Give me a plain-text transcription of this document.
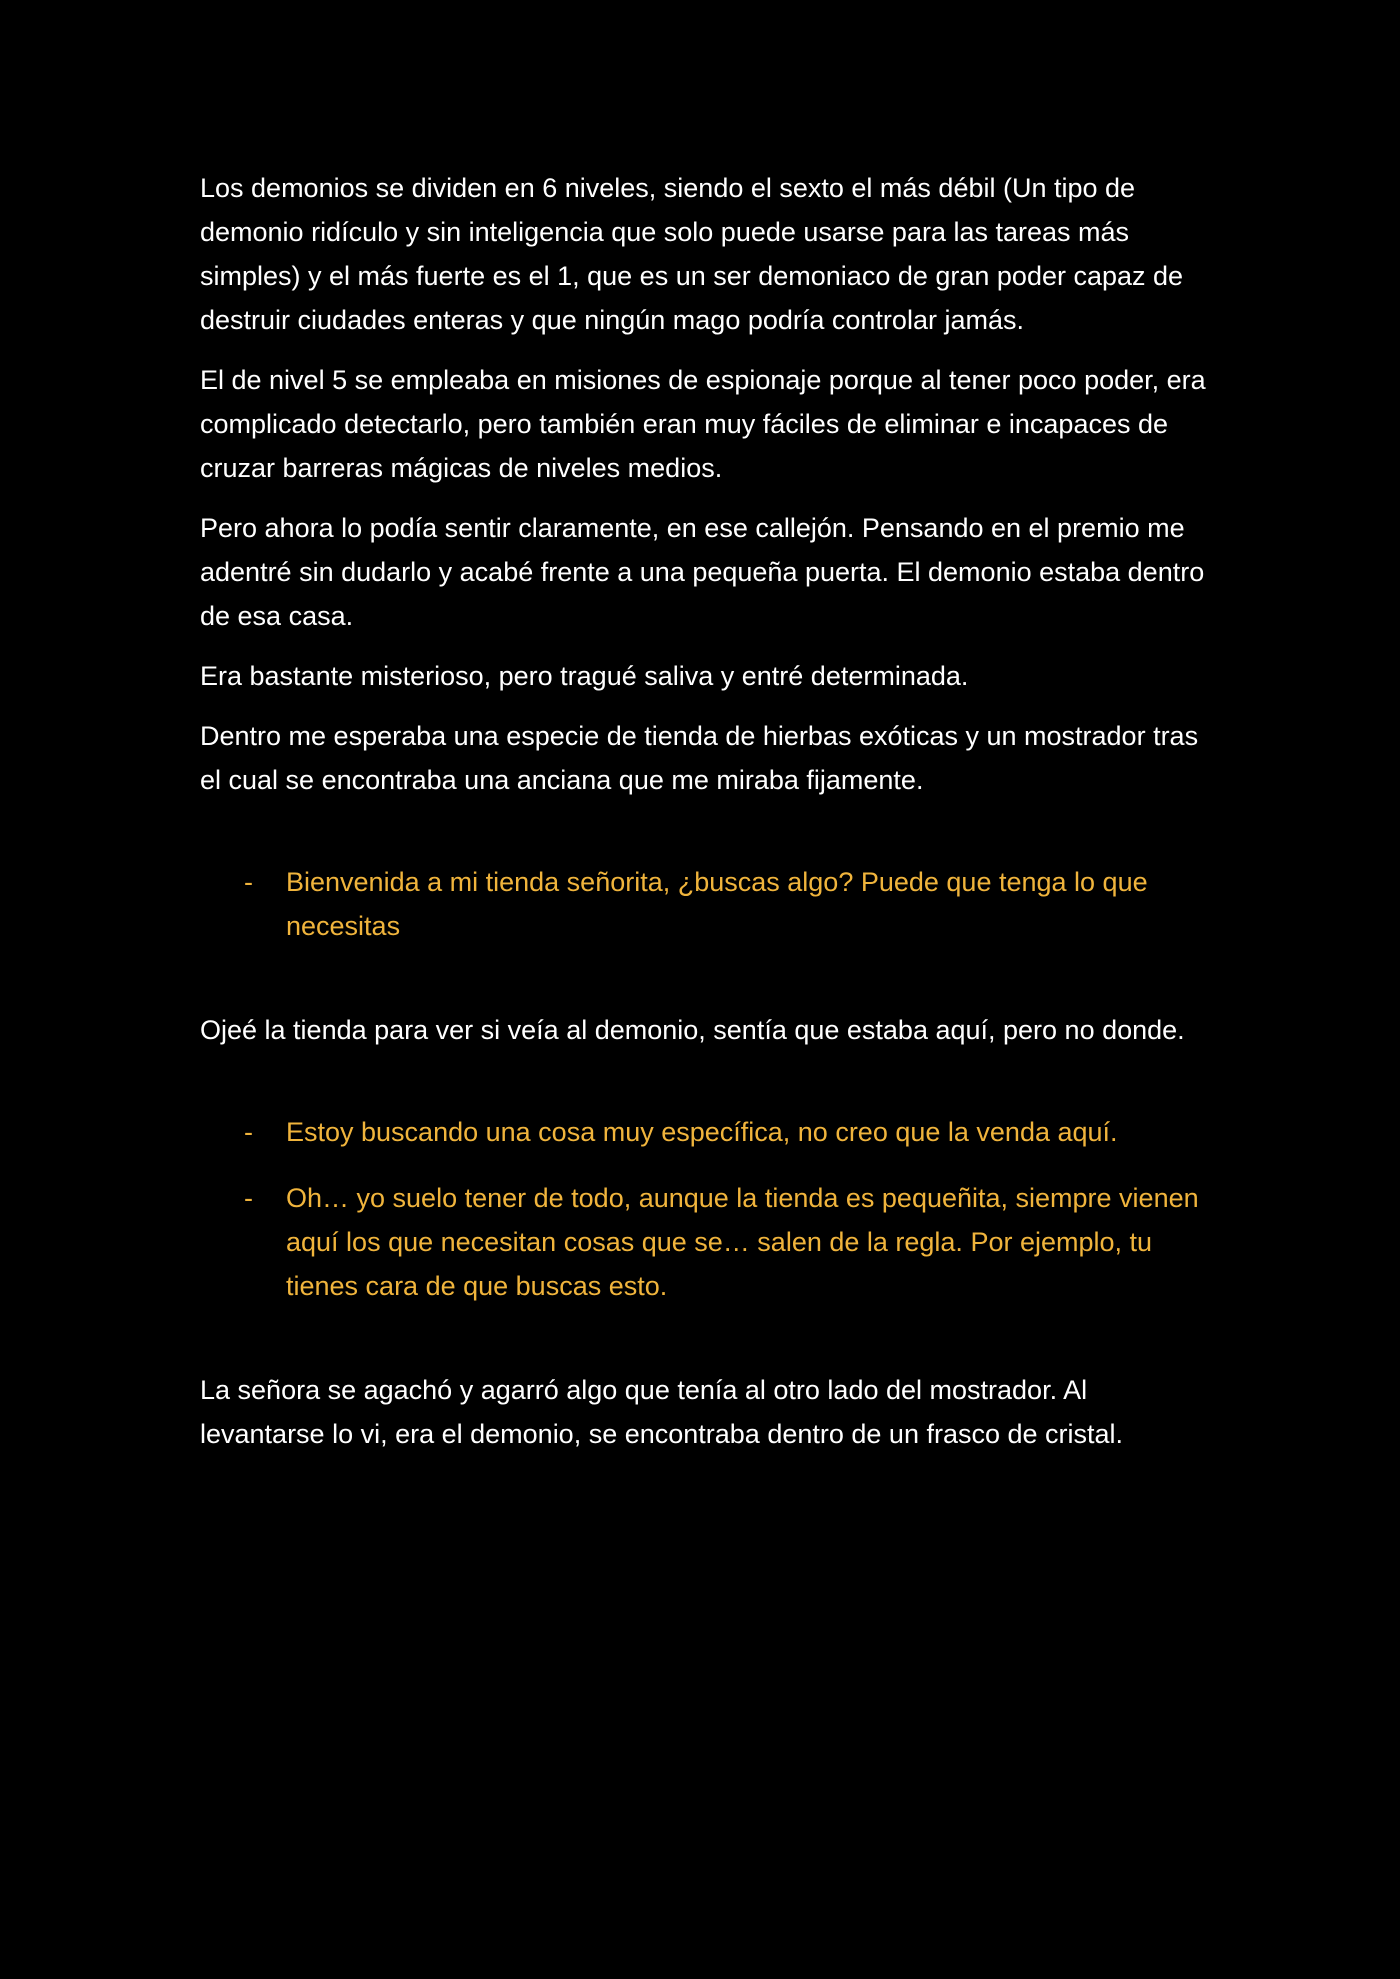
Los demonios se dividen en 6 niveles, siendo el sexto el más débil (Un tipo de demonio ridículo y sin inteligencia que solo puede usarse para las tareas más simples) y el más fuerte es el 1, que es un ser demoniaco de gran poder capaz de destruir ciudades enteras y que ningún mago podría controlar jamás.

El de nivel 5 se empleaba en misiones de espionaje porque al tener poco poder, era complicado detectarlo, pero también eran muy fáciles de eliminar e incapaces de cruzar barreras mágicas de niveles medios.

Pero ahora lo podía sentir claramente, en ese callejón. Pensando en el premio me adentré sin dudarlo y acabé frente a una pequeña puerta. El demonio estaba dentro de esa casa.

Era bastante misterioso, pero tragué saliva y entré determinada.

Dentro me esperaba una especie de tienda de hierbas exóticas y un mostrador tras el cual se encontraba una anciana que me miraba fijamente.

- Bienvenida a mi tienda señorita, ¿buscas algo? Puede que tenga lo que necesitas

Ojeé la tienda para ver si veía al demonio, sentía que estaba aquí, pero no donde.

- Estoy buscando una cosa muy específica, no creo que la venda aquí.
- Oh… yo suelo tener de todo, aunque la tienda es pequeñita, siempre vienen aquí los que necesitan cosas que se… salen de la regla. Por ejemplo, tu tienes cara de que buscas esto.

La señora se agachó y agarró algo que tenía al otro lado del mostrador. Al levantarse lo vi, era el demonio, se encontraba dentro de un frasco de cristal.
